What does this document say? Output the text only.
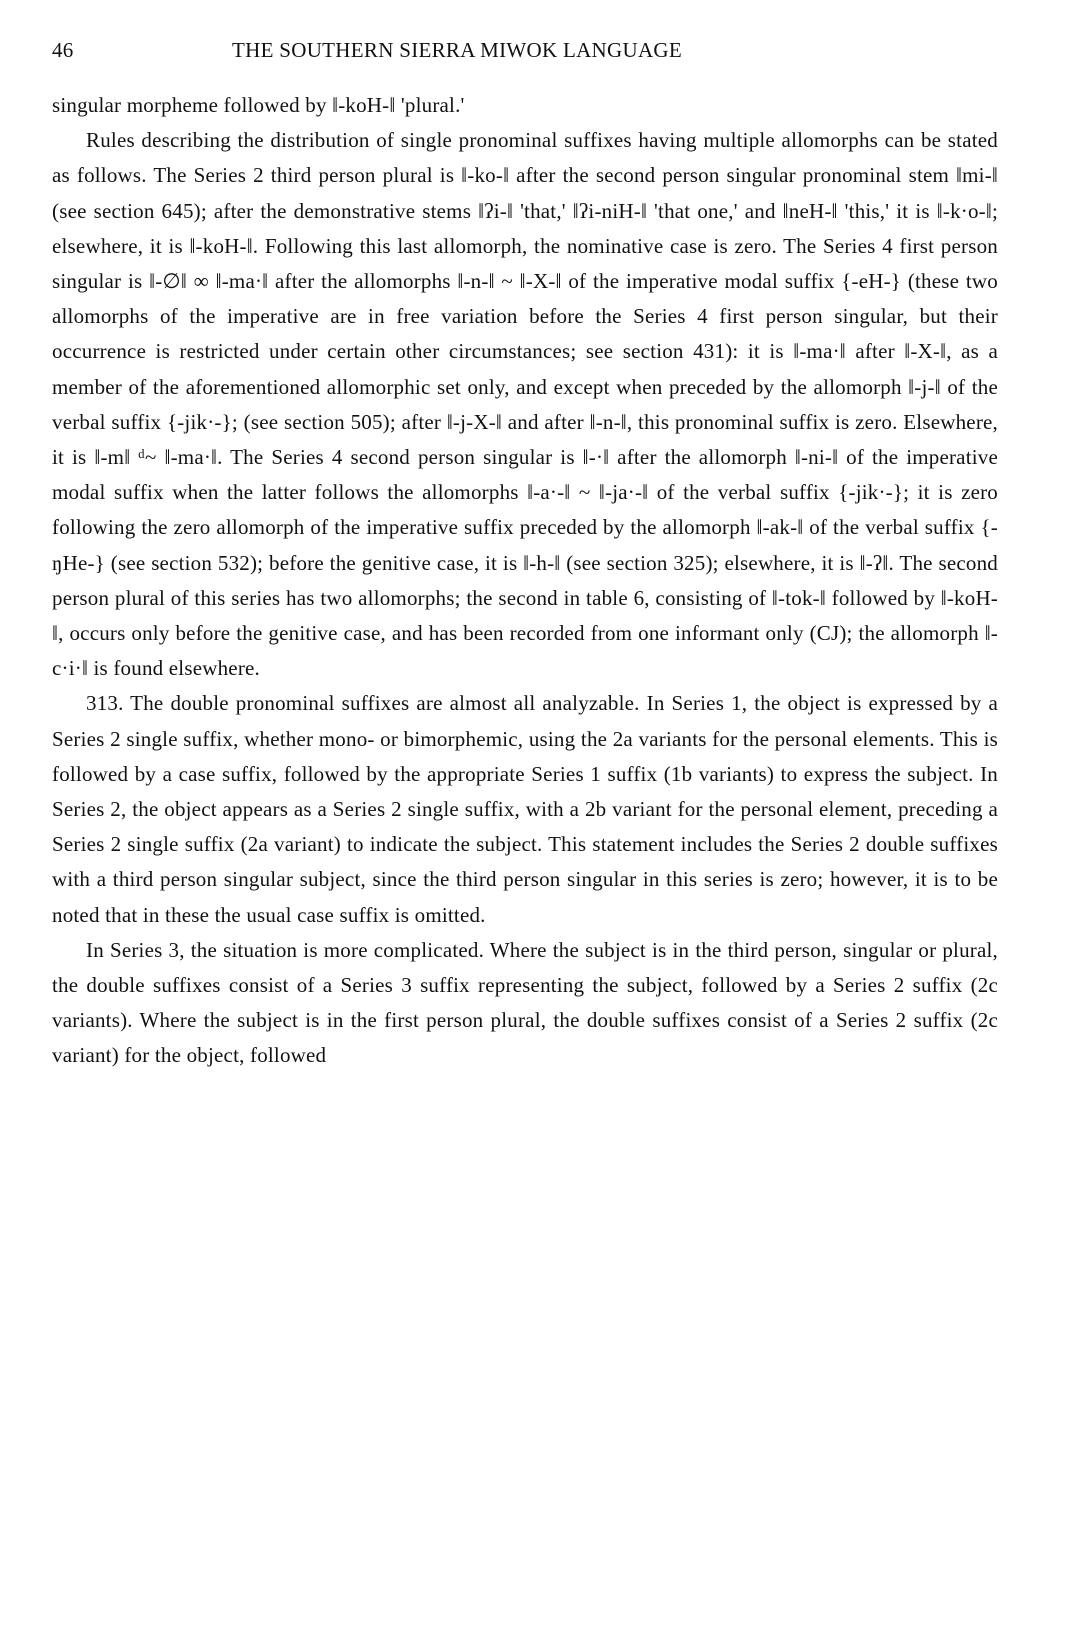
46	THE SOUTHERN SIERRA MIWOK LANGUAGE

singular morpheme followed by ‖-koH-‖ 'plural.'

Rules describing the distribution of single pronominal suffixes having multiple allomorphs can be stated as follows. The Series 2 third person plural is ‖-ko-‖ after the second person singular pronominal stem ‖mi-‖ (see section 645); after the demonstrative stems ‖ʔi-‖ 'that,' ‖ʔi-niH-‖ 'that one,' and ‖neH-‖ 'this,' it is ‖-k·o-‖; elsewhere, it is ‖-koH-‖. Following this last allomorph, the nominative case is zero. The Series 4 first person singular is ‖-∅‖ ∞ ‖-ma·‖ after the allomorphs ‖-n-‖ ~ ‖-X-‖ of the imperative modal suffix {-eH-} (these two allomorphs of the imperative are in free variation before the Series 4 first person singular, but their occurrence is restricted under certain other circumstances; see section 431): it is ‖-ma·‖ after ‖-X-‖, as a member of the aforementioned allomorphic set only, and except when preceded by the allomorph ‖-j-‖ of the verbal suffix {-jik·-}; (see section 505); after ‖-j-X-‖ and after ‖-n-‖, this pronominal suffix is zero. Elsewhere, it is ‖-m‖ ᵈ~ ‖-ma·‖. The Series 4 second person singular is ‖-·‖ after the allomorph ‖-ni-‖ of the imperative modal suffix when the latter follows the allomorphs ‖-a·-‖ ~ ‖-ja·-‖ of the verbal suffix {-jik·-}; it is zero following the zero allomorph of the imperative suffix preceded by the allomorph ‖-ak-‖ of the verbal suffix {-ŋHe-} (see section 532); before the genitive case, it is ‖-h-‖ (see section 325); elsewhere, it is ‖-ʔ‖. The second person plural of this series has two allomorphs; the second in table 6, consisting of ‖-tok-‖ followed by ‖-koH-‖, occurs only before the genitive case, and has been recorded from one informant only (CJ); the allomorph ‖-c·i·‖ is found elsewhere.

313. The double pronominal suffixes are almost all analyzable. In Series 1, the object is expressed by a Series 2 single suffix, whether mono- or bimorphemic, using the 2a variants for the personal elements. This is followed by a case suffix, followed by the appropriate Series 1 suffix (1b variants) to express the subject. In Series 2, the object appears as a Series 2 single suffix, with a 2b variant for the personal element, preceding a Series 2 single suffix (2a variant) to indicate the subject. This statement includes the Series 2 double suffixes with a third person singular subject, since the third person singular in this series is zero; however, it is to be noted that in these the usual case suffix is omitted.

In Series 3, the situation is more complicated. Where the subject is in the third person, singular or plural, the double suffixes consist of a Series 3 suffix representing the subject, followed by a Series 2 suffix (2c variants). Where the subject is in the first person plural, the double suffixes consist of a Series 2 suffix (2c variant) for the object, followed
